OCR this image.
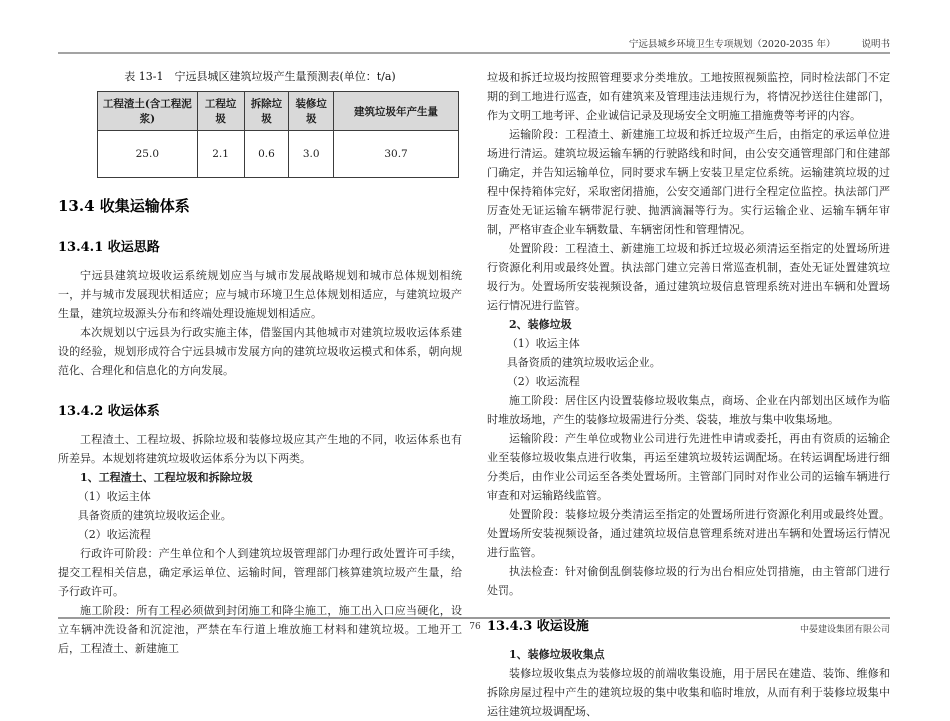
宁远县城乡环境卫生专项规划（2020-2035 年）	说明书
表 13-1　宁远县城区建筑垃圾产生量预测表(单位：t/a)
工程渣土(含工程泥浆)	工程垃圾	拆除垃圾	装修垃圾	建筑垃圾年产生量
25.0	2.1	0.6	3.0	30.7
13.4 收集运输体系
13.4.1 收运思路

宁远县建筑垃圾收运系统规划应当与城市发展战略规划和城市总体规划相统一，并与城市发展现状相适应；应与城市环境卫生总体规划相适应，与建筑垃圾产生量，建筑垃圾源头分布和终端处理设施规划相适应。

本次规划以宁远县为行政实施主体，借鉴国内其他城市对建筑垃圾收运体系建设的经验，规划形成符合宁远县城市发展方向的建筑垃圾收运模式和体系，朝向规范化、合理化和信息化的方向发展。

13.4.2 收运体系

工程渣土、工程垃圾、拆除垃圾和装修垃圾应其产生地的不同，收运体系也有所差异。本规划将建筑垃圾收运体系分为以下两类。

1、工程渣土、工程垃圾和拆除垃圾

（1）收运主体

具备资质的建筑垃圾收运企业。

（2）收运流程

行政许可阶段：产生单位和个人到建筑垃圾管理部门办理行政处置许可手续，提交工程相关信息，确定承运单位、运输时间，管理部门核算建筑垃圾产生量，给予行政许可。

施工阶段：所有工程必须做到封闭施工和降尘施工，施工出入口应当硬化，设立车辆冲洗设备和沉淀池，严禁在车行道上堆放施工材料和建筑垃圾。工地开工后，工程渣土、新建施工

垃圾和拆迁垃圾均按照管理要求分类堆放。工地按照视频监控，同时检法部门不定期的到工地进行巡查，如有建筑来及管理违法违规行为，将情况抄送往住建部门，作为文明工地考评、企业诚信记录及现场安全文明施工措施费等考评的内容。

运输阶段：工程渣土、新建施工垃圾和拆迁垃圾产生后，由指定的承运单位进场进行清运。建筑垃圾运输车辆的行驶路线和时间，由公安交通管理部门和住建部门确定，并告知运输单位，同时要求车辆上安装卫星定位系统。运输建筑垃圾的过程中保持箱体完好，采取密闭措施，公安交通部门进行全程定位监控。执法部门严厉查处无证运输车辆带泥行驶、抛洒滴漏等行为。实行运输企业、运输车辆年审制，严格审查企业车辆数量、车辆密闭性和管理情况。

处置阶段：工程渣土、新建施工垃圾和拆迁垃圾必须清运至指定的处置场所进行资源化利用或最终处置。执法部门建立完善日常巡查机制，查处无证处置建筑垃圾行为。处置场所安装视频设备，通过建筑垃圾信息管理系统对进出车辆和处置场运行情况进行监管。

2、装修垃圾

（1）收运主体

具备资质的建筑垃圾收运企业。

（2）收运流程

施工阶段：居住区内设置装修垃圾收集点，商场、企业在内部划出区域作为临时堆放场地，产生的装修垃圾需进行分类、袋装，堆放与集中收集场地。

运输阶段：产生单位或物业公司进行先进性申请或委托，再由有资质的运输企业至装修垃圾收集点进行收集，再运至建筑垃圾转运调配场。在转运调配场进行细分类后，由作业公司运至各类处置场所。主管部门同时对作业公司的运输车辆进行审查和对运输路线监管。

处置阶段：装修垃圾分类清运至指定的处置场所进行资源化利用或最终处置。处置场所安装视频设备，通过建筑垃圾信息管理系统对进出车辆和处置场运行情况进行监管。

执法检查：针对偷倒乱倒装修垃圾的行为出台相应处罚措施，由主管部门进行处罚。

13.4.3 收运设施

1、装修垃圾收集点

装修垃圾收集点为装修垃圾的前端收集设施，用于居民在建造、装饰、维修和拆除房屋过程中产生的建筑垃圾的集中收集和临时堆放，从而有利于装修垃圾集中运往建筑垃圾调配场、

76	中晏建设集团有限公司
